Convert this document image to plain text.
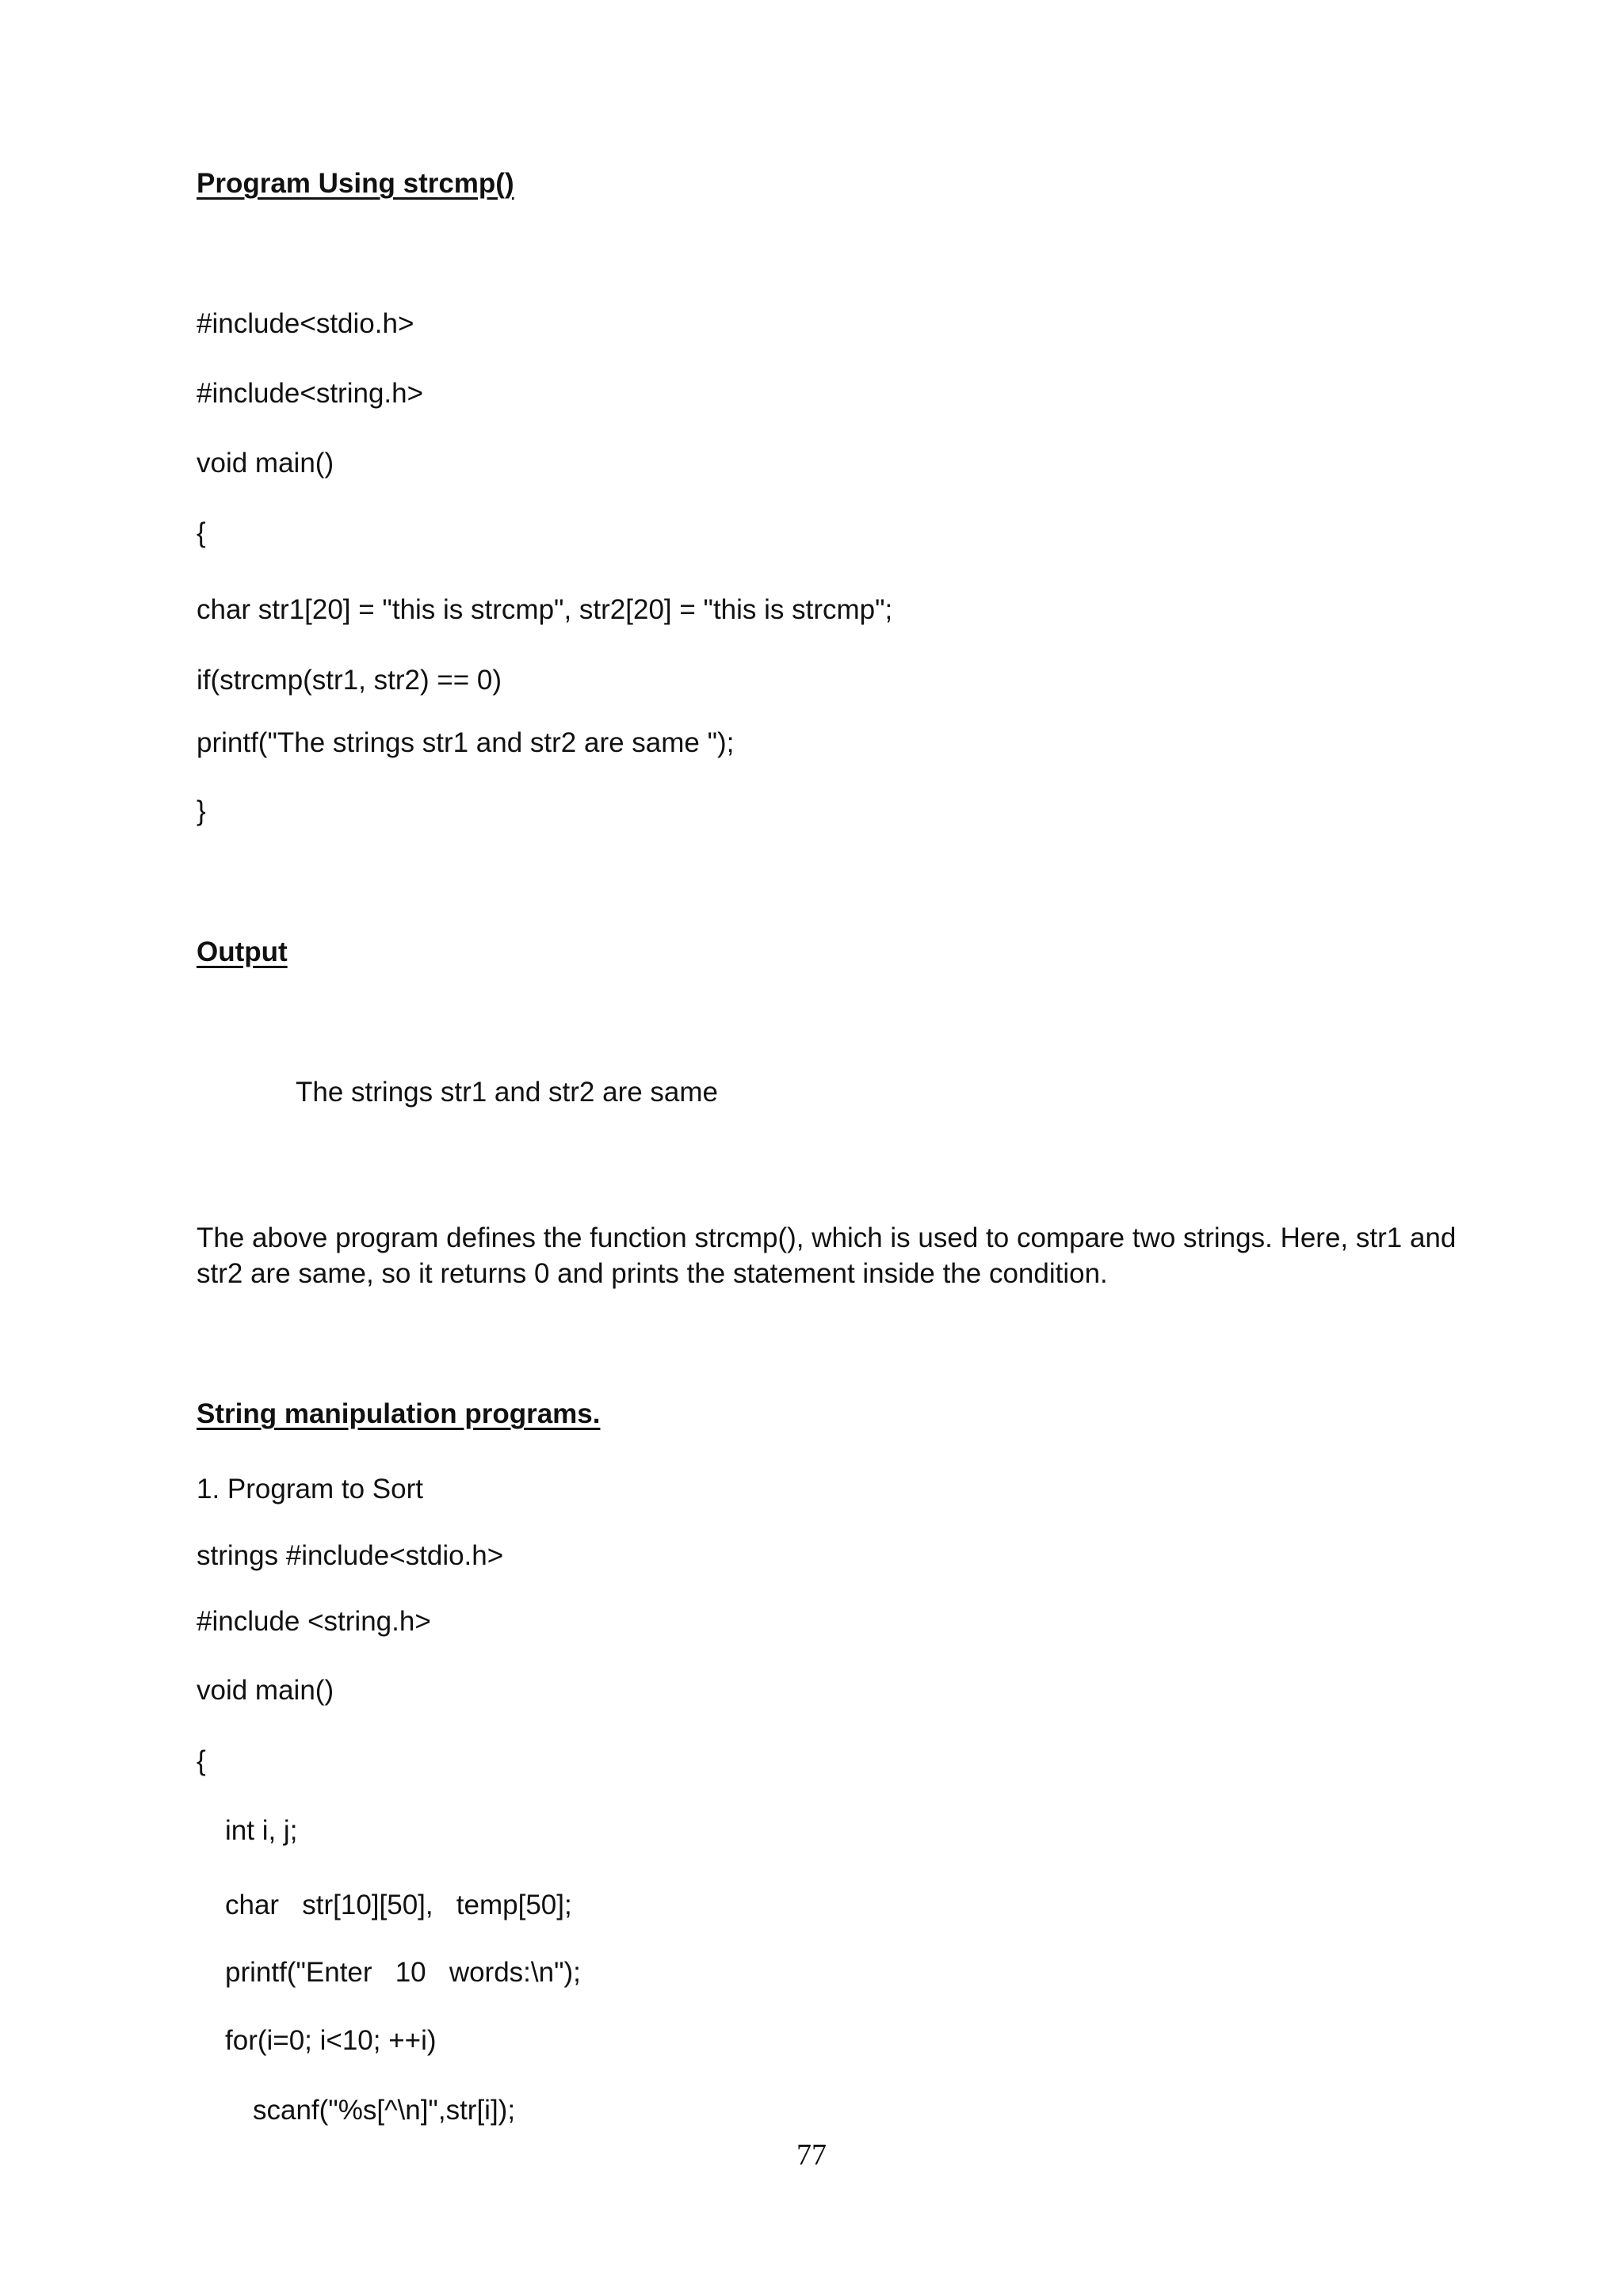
Program Using strcmp()

#include<stdio.h>

#include<string.h>

void main()

{

char str1[20] = "this is strcmp", str2[20] = "this is strcmp";

if(strcmp(str1, str2) == 0)

printf("The strings str1 and str2 are same ");

}

Output

The strings str1 and str2 are same

The above program defines the function strcmp(), which is used to compare two strings. Here, str1 and

str2 are same, so it returns 0 and prints the statement inside the condition.

String manipulation programs.

1. Program to Sort

strings #include<stdio.h>

#include <string.h>

void main()

{

int i, j;

char   str[10][50],   temp[50];

printf("Enter   10   words:\n");

for(i=0; i<10; ++i)

scanf("%s[^\n]",str[i]);

77
